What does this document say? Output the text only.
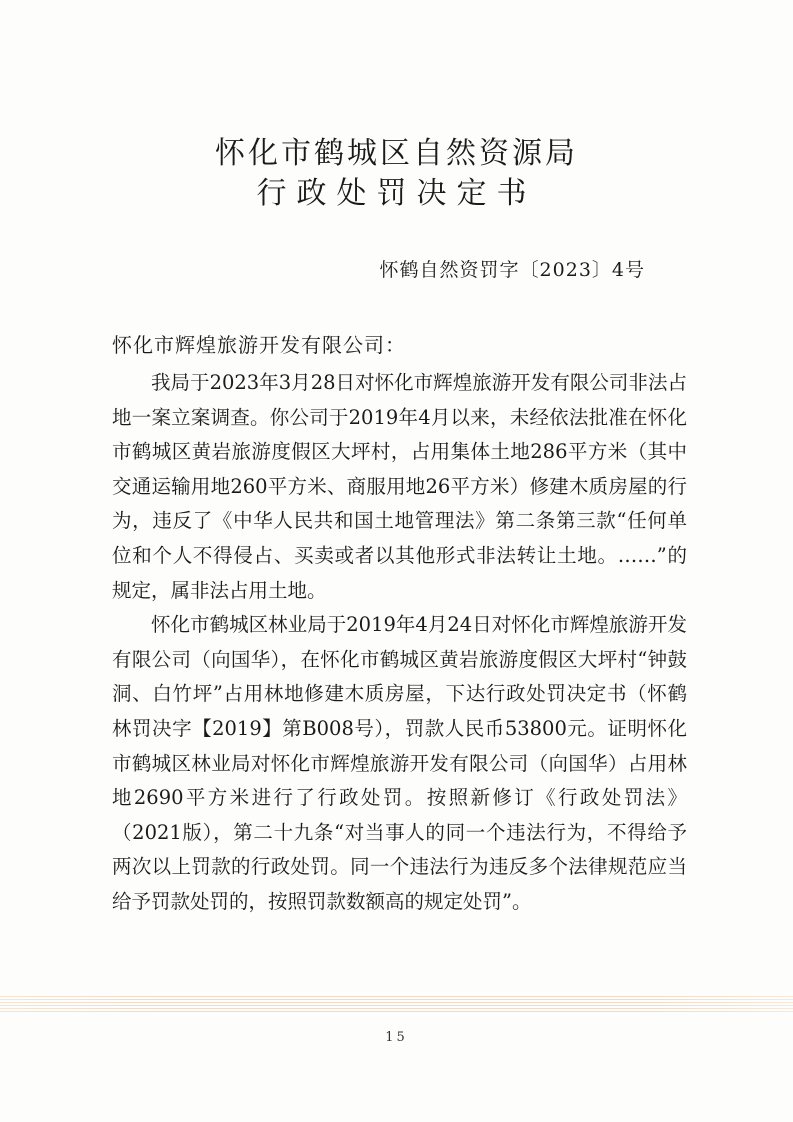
怀化市鹤城区自然资源局
行政处罚决定书
怀鹤自然资罚字〔2023〕4号
怀化市辉煌旅游开发有限公司：

我局于2023年3月28日对怀化市辉煌旅游开发有限公司非法占地一案立案调查。你公司于2019年4月以来，未经依法批准在怀化市鹤城区黄岩旅游度假区大坪村，占用集体土地286平方米（其中交通运输用地260平方米、商服用地26平方米）修建木质房屋的行为，违反了《中华人民共和国土地管理法》第二条第三款“任何单位和个人不得侵占、买卖或者以其他形式非法转让土地。……”的规定，属非法占用土地。

怀化市鹤城区林业局于2019年4月24日对怀化市辉煌旅游开发有限公司（向国华），在怀化市鹤城区黄岩旅游度假区大坪村“钟鼓洞、白竹坪”占用林地修建木质房屋，下达行政处罚决定书（怀鹤林罚决字【2019】第B008号），罚款人民币53800元。证明怀化市鹤城区林业局对怀化市辉煌旅游开发有限公司（向国华）占用林地2690平方米进行了行政处罚。按照新修订《行政处罚法》（2021版），第二十九条“对当事人的同一个违法行为，不得给予两次以上罚款的行政处罚。同一个违法行为违反多个法律规范应当给予罚款处罚的，按照罚款数额高的规定处罚”。

15
